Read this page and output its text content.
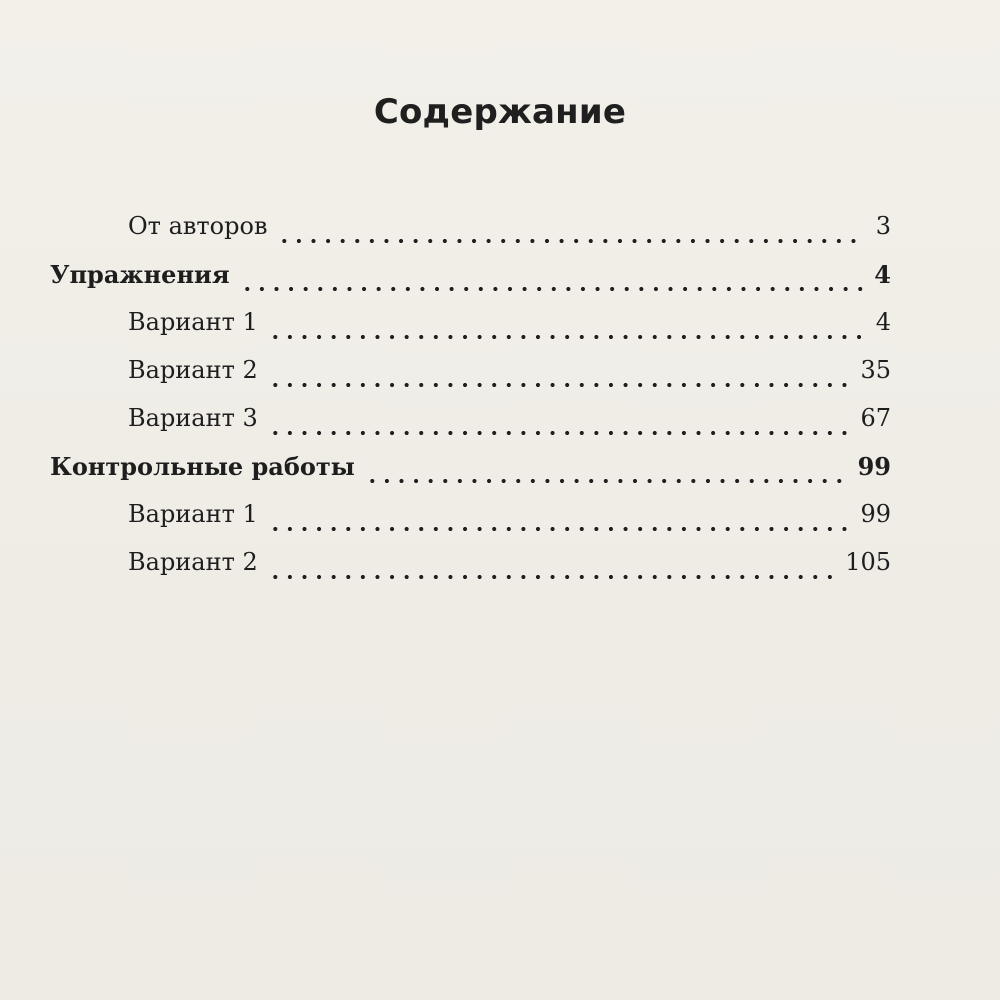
Содержание
От авторов	3
Упражнения	4
Вариант 1	4
Вариант 2	35
Вариант 3	67
Контрольные работы	99
Вариант 1	99
Вариант 2	105
